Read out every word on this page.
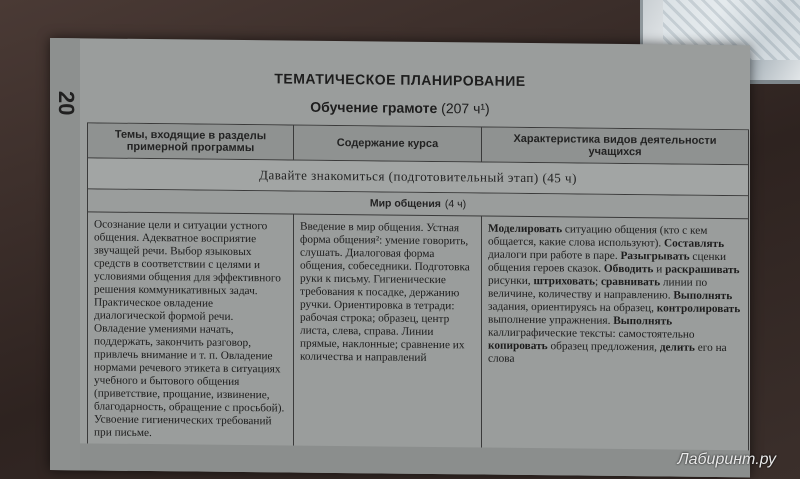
20
ТЕМАТИЧЕСКОЕ ПЛАНИРОВАНИЕ
Обучение грамоте (207 ч¹)
Темы, входящие в разделы примерной программы	Содержание курса	Характеристика видов деятельности учащихся
Давайте знакомиться (подготовительный этап) (45 ч)
Мир общения (4 ч)

Осознание цели и ситуации устного общения. Адекватное восприятие звучащей речи. Выбор языковых средств в соответствии с целями и условиями общения для эффективного решения коммуникативных задач. Практическое овладение диалогической формой речи. Овладение умениями начать, поддержать, закончить разговор, привлечь внимание и т. п. Овладение нормами речевого этикета в ситуациях учебного и бытового общения (приветствие, прощание, извинение, благодарность, обращение с просьбой). Усвоение гигиенических требований при письме.

Введение в мир общения. Устная форма общения²: умение говорить, слушать. Диалоговая форма общения, собеседники. Подготовка руки к письму. Гигиенические требования к посадке, держанию ручки. Ориентировка в тетради: рабочая строка; образец, центр листа, слева, справа. Линии прямые, наклонные; сравнение их количества и направлений

Моделировать ситуацию общения (кто с кем общается, какие слова используют). Составлять диалоги при работе в паре. Разыгрывать сценки общения героев сказок. Обводить и раскрашивать рисунки, штриховать; сравнивать линии по величине, количеству и направлению. Выполнять задания, ориентируясь на образец, контролировать выполнение упражнения. Выполнять каллиграфические тексты: самостоятельно копировать образец предложения, делить его на слова

Лабиринт.ру
